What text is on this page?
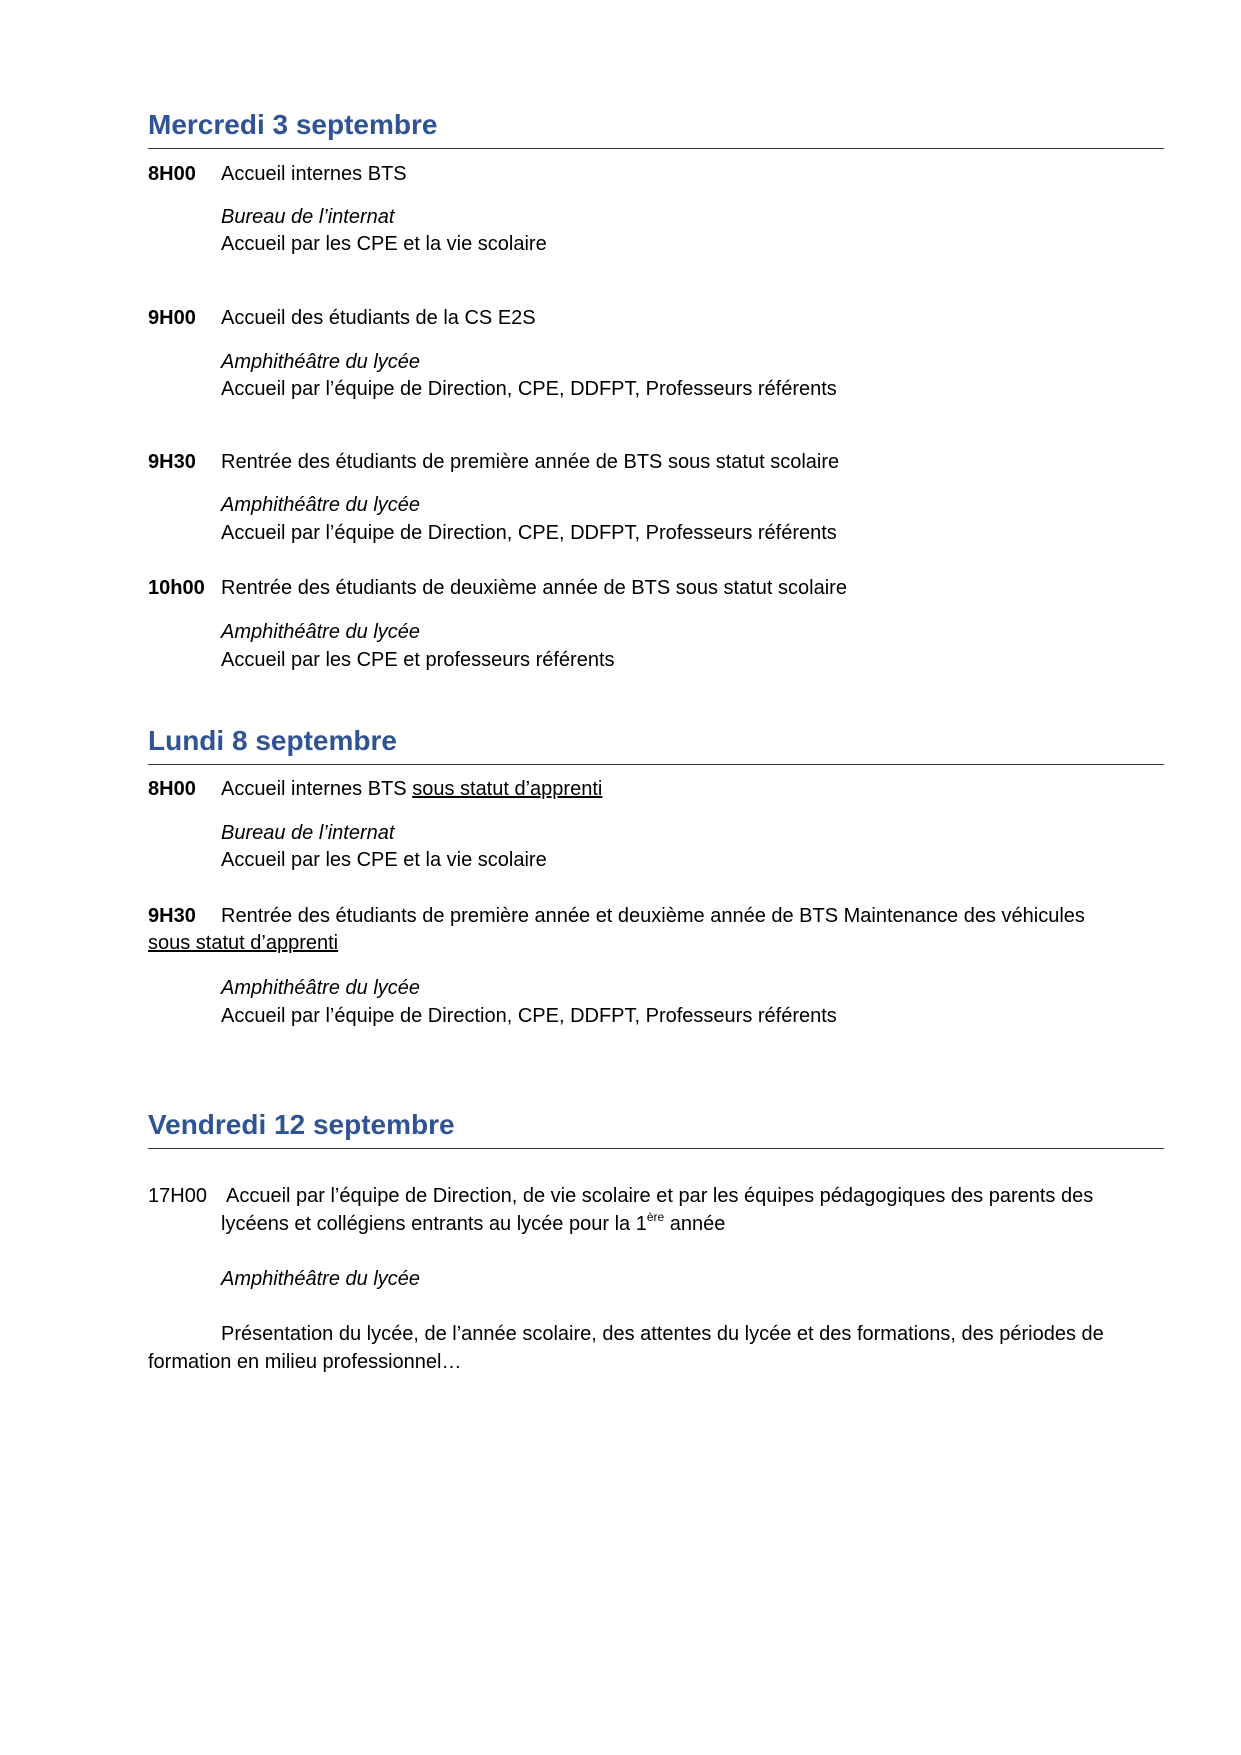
Mercredi 3 septembre
8H00 Accueil internes BTS
Bureau de l’internat
Accueil par les CPE et la vie scolaire
9H00 Accueil des étudiants de la CS E2S
Amphithéâtre du lycée
Accueil par l’équipe de Direction, CPE, DDFPT, Professeurs référents
9H30 Rentrée des étudiants de première année de BTS sous statut scolaire
Amphithéâtre du lycée
Accueil par l’équipe de Direction, CPE, DDFPT, Professeurs référents
10h00 Rentrée des étudiants de deuxième année de BTS sous statut scolaire
Amphithéâtre du lycée
Accueil par les CPE et professeurs référents
Lundi 8 septembre
8H00 Accueil internes BTS sous statut d’apprenti
Bureau de l’internat
Accueil par les CPE et la vie scolaire
9H30 Rentrée des étudiants de première année et deuxième année de BTS Maintenance des véhicules
sous statut d’apprenti
Amphithéâtre du lycée
Accueil par l’équipe de Direction, CPE, DDFPT, Professeurs référents
Vendredi 12 septembre
17H00 Accueil par l’équipe de Direction, de vie scolaire et par les équipes pédagogiques des parents des
lycéens et collégiens entrants au lycée pour la 1ère année
Amphithéâtre du lycée
Présentation du lycée, de l’année scolaire, des attentes du lycée et des formations, des périodes de
formation en milieu professionnel…
